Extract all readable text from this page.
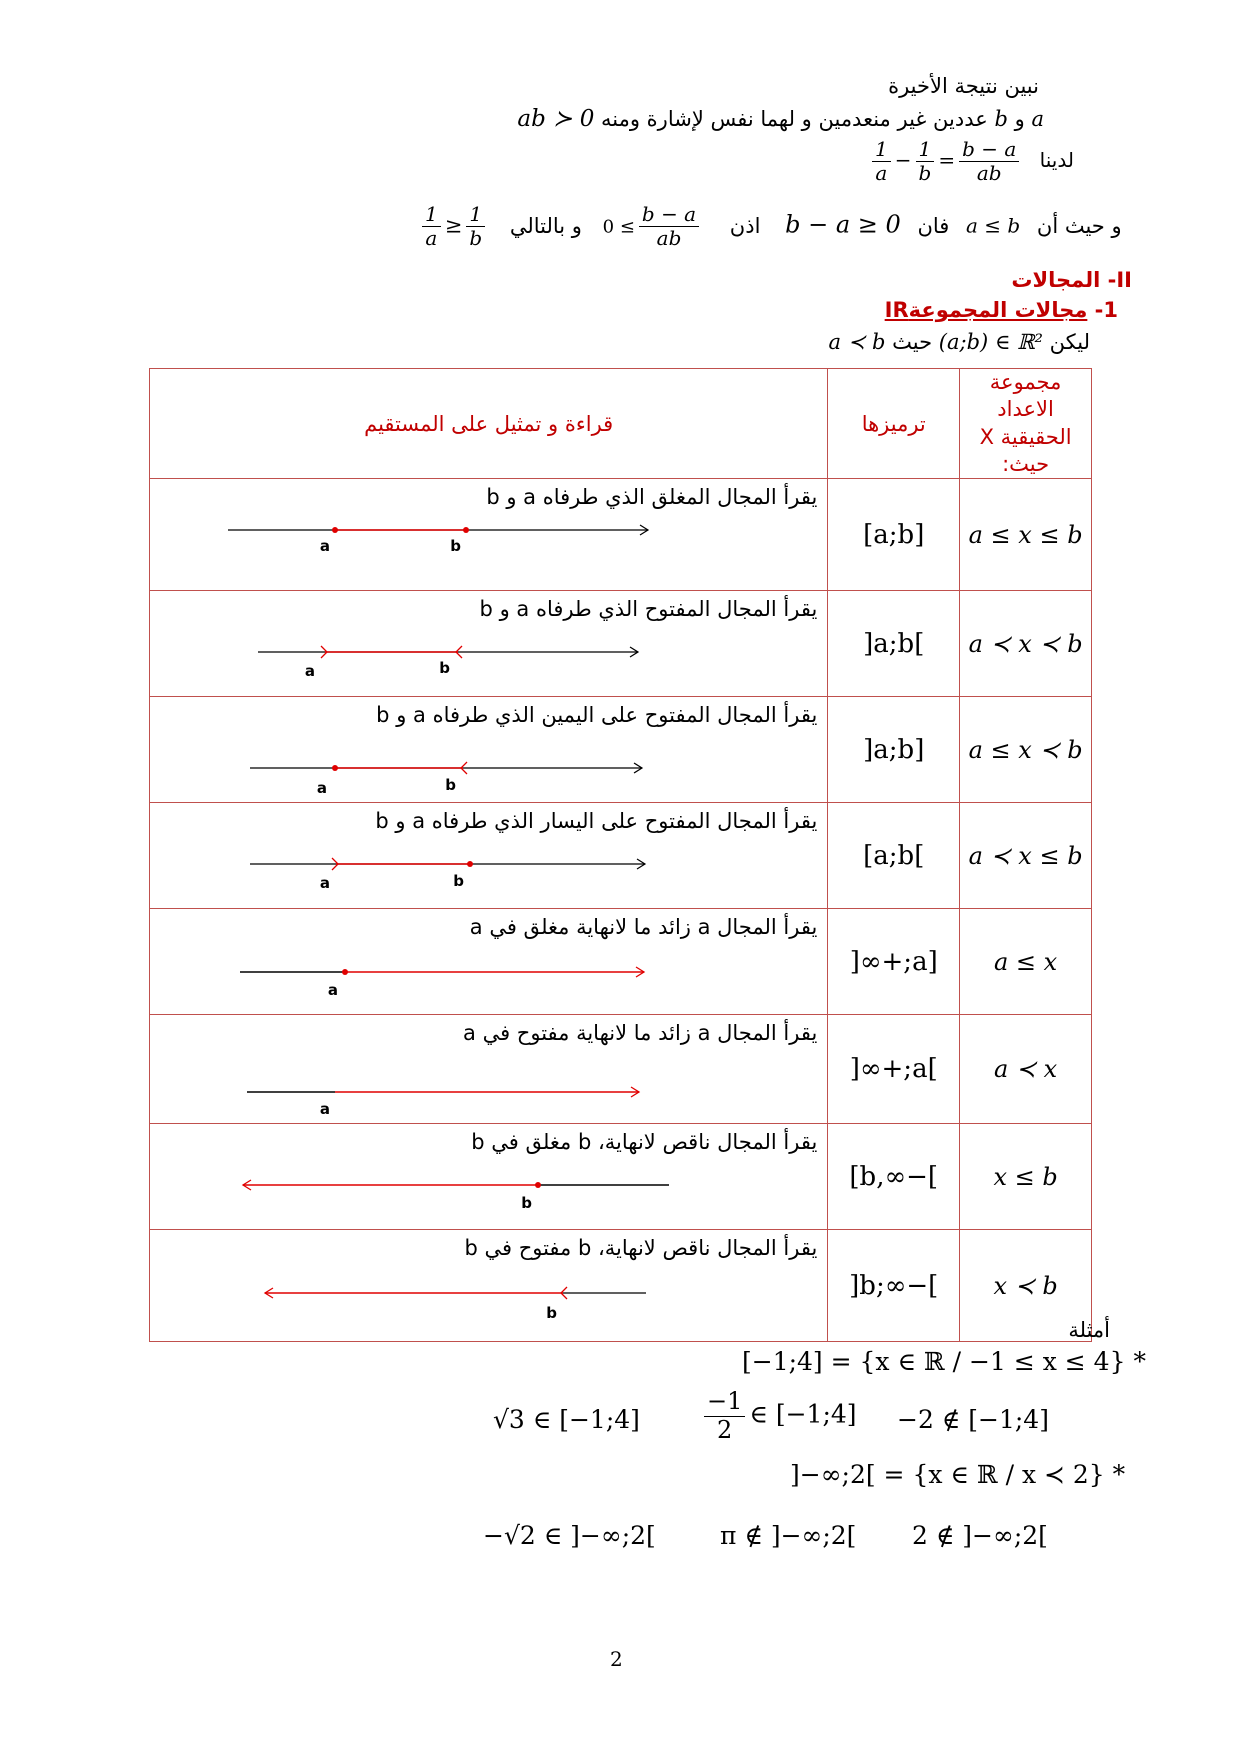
نبين نتيجة الأخيرة
a و b عددين غير منعدمين و لهما نفس لإشارة ومنه ab ≻ 0
$\frac{1}{a} - \frac{1}{b} = \frac{b - a}{ab}$ لدينا
$\frac{1}{a} \ge \frac{1}{b}$	اذن
$\frac{b - a}{ab}$
≥ 0 و بالتالي	b − a ≥ 0 فان a ≤ b و حيث أن
II- المجالات
1- مجالات المجموعةIR
ليكن (a;b) ∈ ℝ² حيث a ≺ b
مجموعة الاعداد الحقيقية X حيث:	ترميزها	قراءة و تمثيل على المستقيم
a ≤ x ≤ b	[a;b]	يقرأ المجال المغلق الذي طرفاه a و b
a b

a ≺ x ≺ b	]a;b[	يقرأ المجال المفتوح الذي طرفاه a و b
a b

a ≤ x ≺ b	[a;b[	يقرأ المجال المفتوح على اليمين الذي طرفاه a و b
a b

a ≺ x ≤ b	]a;b]	يقرأ المجال المفتوح على اليسار الذي طرفاه a و b
a b

a ≤ x	[a;+∞[	يقرأ المجال a زائد ما لانهاية مغلق في a
a

a ≺ x	]a;+∞[	يقرأ المجال a زائد ما لانهاية مفتوح في a
a

x ≤ b	]−∞,b]	يقرأ المجال ناقص لانهاية، b مغلق في b
b

x ≺ b	]−∞;b[	يقرأ المجال ناقص لانهاية، b مفتوح في b
b
أمثلة
[−1;4] = {x ∈ ℝ / −1 ≤ x ≤ 4} *
√3 ∈ [−1;4]	$\frac{-1}{2}$ ∈ [−1;4] −2 ∉ [−1;4]
]−∞;2[ = {x ∈ ℝ / x ≺ 2} *
−√2 ∈ ]−∞;2[	π ∉ ]−∞;2[ 2 ∉ ]−∞;2[
2
